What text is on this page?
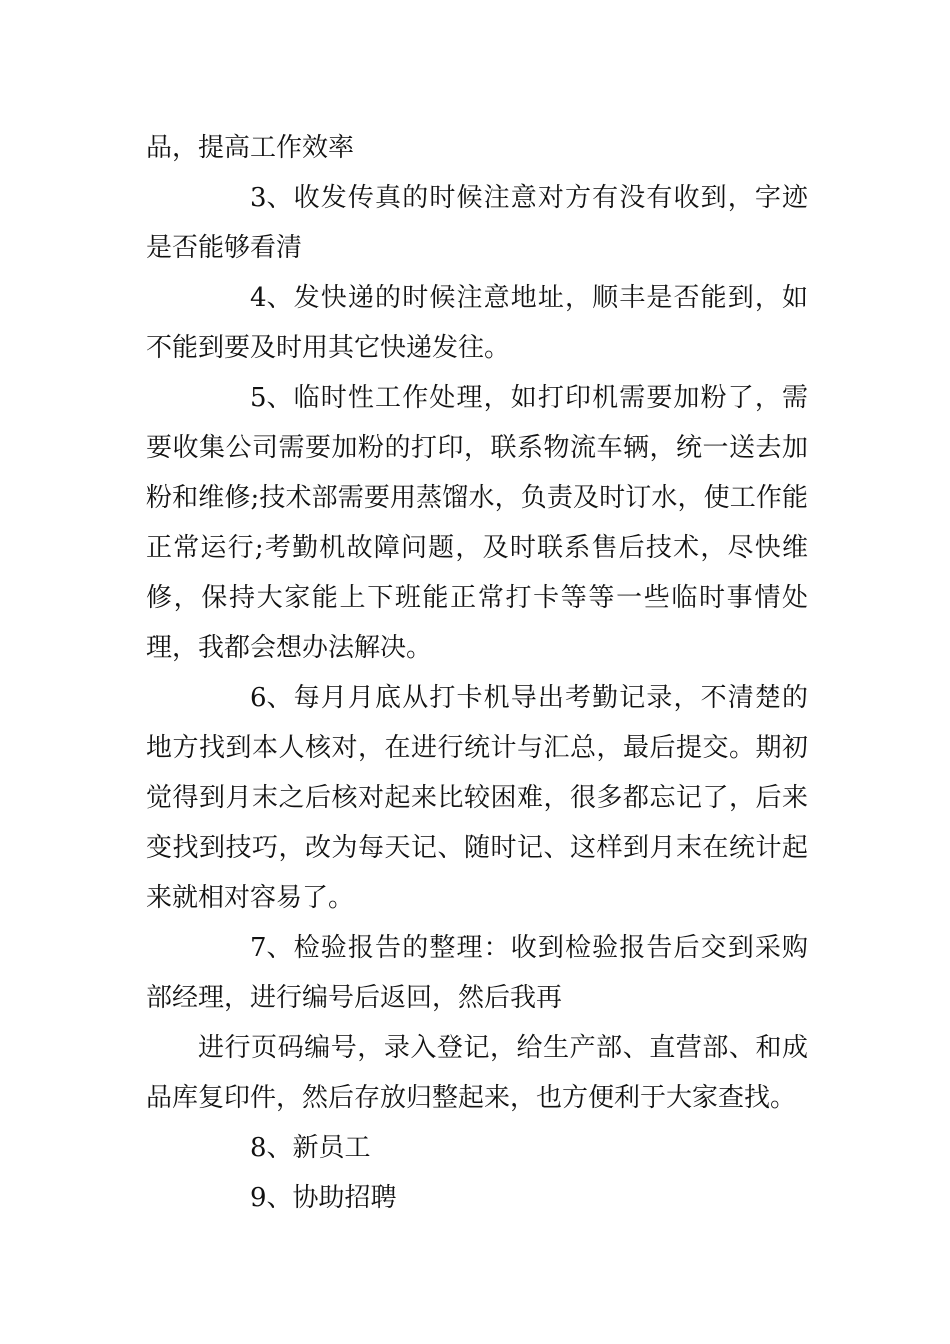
品，提高工作效率

3、收发传真的时候注意对方有没有收到，字迹是否能够看清

4、发快递的时候注意地址，顺丰是否能到，如不能到要及时用其它快递发往。

5、临时性工作处理，如打印机需要加粉了，需要收集公司需要加粉的打印，联系物流车辆，统一送去加粉和维修;技术部需要用蒸馏水，负责及时订水，使工作能正常运行;考勤机故障问题，及时联系售后技术，尽快维修，保持大家能上下班能正常打卡等等一些临时事情处理，我都会想办法解决。

6、每月月底从打卡机导出考勤记录，不清楚的地方找到本人核对，在进行统计与汇总，最后提交。期初觉得到月末之后核对起来比较困难，很多都忘记了，后来变找到技巧，改为每天记、随时记、这样到月末在统计起来就相对容易了。

7、检验报告的整理：收到检验报告后交到采购部经理，进行编号后返回，然后我再

进行页码编号，录入登记，给生产部、直营部、和成品库复印件，然后存放归整起来，也方便利于大家查找。

8、新员工

9、协助招聘
